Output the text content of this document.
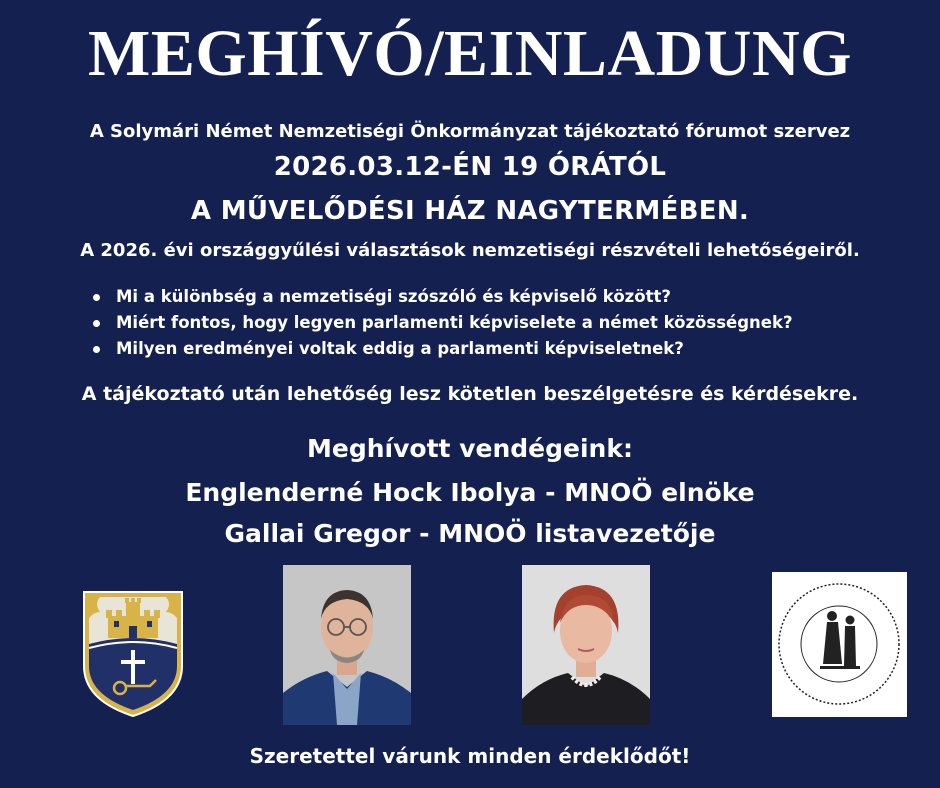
MEGHÍVÓ/EINLADUNG
A Solymári Német Nemzetiségi Önkormányzat tájékoztató fórumot szervez
2026.03.12-ÉN 19 ÓRÁTÓL
A MŰVELŐDÉSI HÁZ NAGYTERMÉBEN.
A 2026. évi országgyűlési választások nemzetiségi részvételi lehetőségeiről.
Mi a különbség a nemzetiségi szószóló és képviselő között?
Miért fontos, hogy legyen parlamenti képviselete a német közösségnek?
Milyen eredményei voltak eddig a parlamenti képviseletnek?
A tájékoztató után lehetőség lesz kötetlen beszélgetésre és kérdésekre.
Meghívott vendégeink:
Englenderné Hock Ibolya - MNOÖ elnöke
Gallai Gregor - MNOÖ listavezetője
Szeretettel várunk minden érdeklődőt!
